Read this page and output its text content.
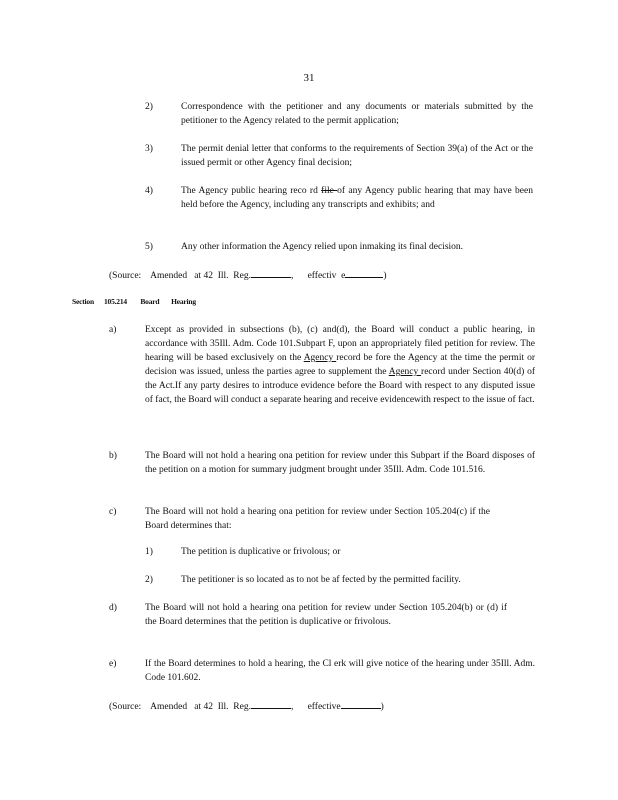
31
2)	Correspondence with the petitioner and any documents or materials submitted by the petitioner to the Agency related to the permit application;
3)	The permit denial letter that conforms to the requirements of Section 39(a) of the Act or the issued permit or other Agency final decision;
4)	The Agency public hearing reco rd file of any Agency public hearing that may have been held before the Agency, including any transcripts and exhibits; and
5)	Any other information the Agency relied upon inmaking its final decision.
(Source:    Amended   at 42  Ill.  Reg.	,      effectiv  e	)
Section      105.214        Board       Hearing
a)	Except as provided in subsections (b), (c) and(d), the Board will conduct a public hearing, in accordance with 35Ill. Adm. Code 101.Subpart F, upon an appropriately filed petition for review. The hearing will be based exclusively on the Agency record be fore the Agency at the time the permit or decision was issued, unless the parties agree to supplement the Agency record under Section 40(d) of the Act.If any party desires to introduce evidence before the Board with respect to any disputed issue of fact, the Board will conduct a separate hearing and receive evidencewith respect to the issue of fact.
b)	The Board will not hold a hearing ona petition for review under this Subpart if the Board disposes of the petition on a motion for summary judgment brought under 35Ill. Adm. Code 101.516.
c)	The Board will not hold a hearing ona petition for review under Section 105.204(c) if the Board determines that:
1)	The petition is duplicative or frivolous; or
2)	The petitioner is so located as to not be af fected by the permitted facility.
d)	The Board will not hold a hearing ona petition for review under Section 105.204(b) or (d) if the Board determines that the petition is duplicative or frivolous.
e)	If the Board determines to hold a hearing, the Cl erk will give notice of the hearing under 35Ill. Adm. Code 101.602.
(Source:    Amended   at 42  Ill.  Reg.	,      effective	)
